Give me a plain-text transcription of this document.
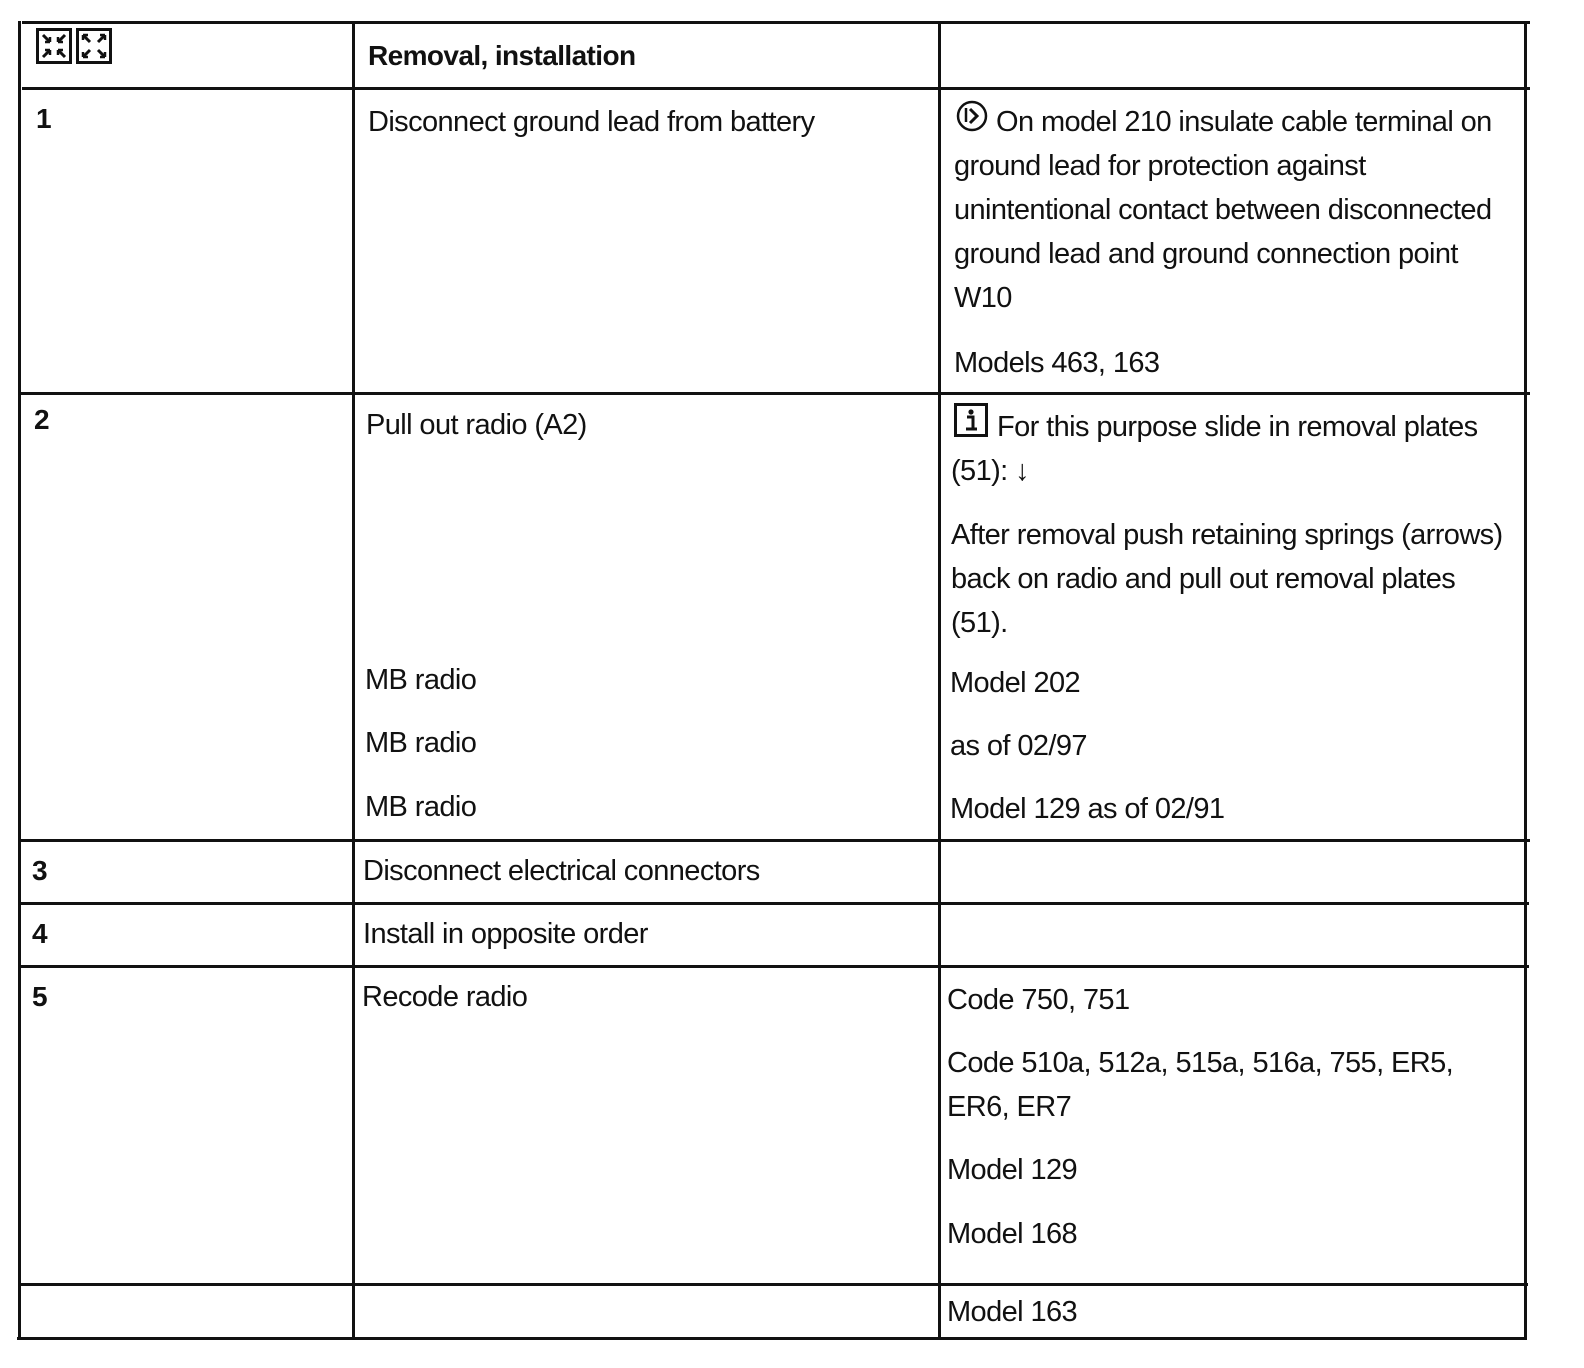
Removal, installation
1	Disconnect ground lead from battery	On model 210 insulate cable terminal on ground lead for protection against unintentional contact between disconnected ground lead and ground connection point W10
Models 463, 163
2	Pull out radio (A2)	For this purpose slide in removal plates (51): ↓
After removal push retaining springs (arrows) back on radio and pull out removal plates (51).
MB radio	Model 202
MB radio	as of 02/97
MB radio	Model 129 as of 02/91
3	Disconnect electrical connectors
4	Install in opposite order
5	Recode radio	Code 750, 751
Code 510a, 512a, 515a, 516a, 755, ER5, ER6, ER7
Model 129
Model 168
Model 163
